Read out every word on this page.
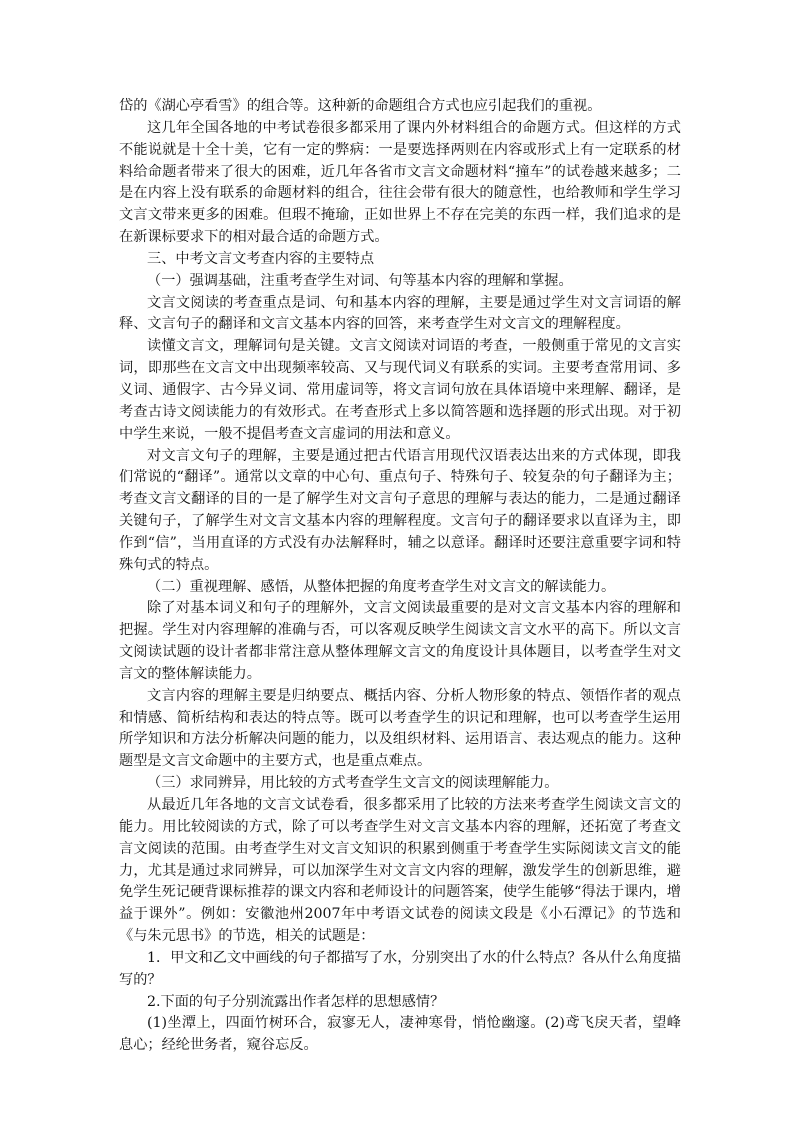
岱的《湖心亭看雪》的组合等。这种新的命题组合方式也应引起我们的重视。

这几年全国各地的中考试卷很多都采用了课内外材料组合的命题方式。但这样的方式不能说就是十全十美，它有一定的弊病：一是要选择两则在内容或形式上有一定联系的材料给命题者带来了很大的困难，近几年各省市文言文命题材料“撞车”的试卷越来越多；二是在内容上没有联系的命题材料的组合，往往会带有很大的随意性，也给教师和学生学习文言文带来更多的困难。但瑕不掩瑜，正如世界上不存在完美的东西一样，我们追求的是在新课标要求下的相对最合适的命题方式。

三、中考文言文考查内容的主要特点

（一）强调基础，注重考查学生对词、句等基本内容的理解和掌握。

文言文阅读的考查重点是词、句和基本内容的理解，主要是通过学生对文言词语的解释、文言句子的翻译和文言文基本内容的回答，来考查学生对文言文的理解程度。

读懂文言文，理解词句是关键。文言文阅读对词语的考查，一般侧重于常见的文言实词，即那些在文言文中出现频率较高、又与现代词义有联系的实词。主要考查常用词、多义词、通假字、古今异义词、常用虚词等，将文言词句放在具体语境中来理解、翻译，是考查古诗文阅读能力的有效形式。在考查形式上多以简答题和选择题的形式出现。对于初中学生来说，一般不提倡考查文言虚词的用法和意义。

对文言文句子的理解，主要是通过把古代语言用现代汉语表达出来的方式体现，即我们常说的“翻译”。通常以文章的中心句、重点句子、特殊句子、较复杂的句子翻译为主；考查文言文翻译的目的一是了解学生对文言句子意思的理解与表达的能力，二是通过翻译关键句子，了解学生对文言文基本内容的理解程度。文言句子的翻译要求以直译为主，即作到“信”，当用直译的方式没有办法解释时，辅之以意译。翻译时还要注意重要字词和特殊句式的特点。

（二）重视理解、感悟，从整体把握的角度考查学生对文言文的解读能力。

除了对基本词义和句子的理解外，文言文阅读最重要的是对文言文基本内容的理解和把握。学生对内容理解的准确与否，可以客观反映学生阅读文言文水平的高下。所以文言文阅读试题的设计者都非常注意从整体理解文言文的角度设计具体题目，以考查学生对文言文的整体解读能力。

文言内容的理解主要是归纳要点、概括内容、分析人物形象的特点、领悟作者的观点和情感、简析结构和表达的特点等。既可以考查学生的识记和理解，也可以考查学生运用所学知识和方法分析解决问题的能力，以及组织材料、运用语言、表达观点的能力。这种题型是文言文命题中的主要方式，也是重点难点。

（三）求同辨异，用比较的方式考查学生文言文的阅读理解能力。

从最近几年各地的文言文试卷看，很多都采用了比较的方法来考查学生阅读文言文的能力。用比较阅读的方式，除了可以考查学生对文言文基本内容的理解，还拓宽了考查文言文阅读的范围。由考查学生对文言文知识的积累到侧重于考查学生实际阅读文言文的能力，尤其是通过求同辨异，可以加深学生对文言文内容的理解，激发学生的创新思维，避免学生死记硬背课标推荐的课文内容和老师设计的问题答案，使学生能够“得法于课内，增益于课外”。例如：安徽池州2007年中考语文试卷的阅读文段是《小石潭记》的节选和《与朱元思书》的节选，相关的试题是：

1．甲文和乙文中画线的句子都描写了水，分别突出了水的什么特点？各从什么角度描写的？

2.下面的句子分别流露出作者怎样的思想感情？

(1)坐潭上，四面竹树环合，寂寥无人，凄神寒骨，悄怆幽邃。(2)鸢飞戾天者，望峰息心；经纶世务者，窥谷忘反。
